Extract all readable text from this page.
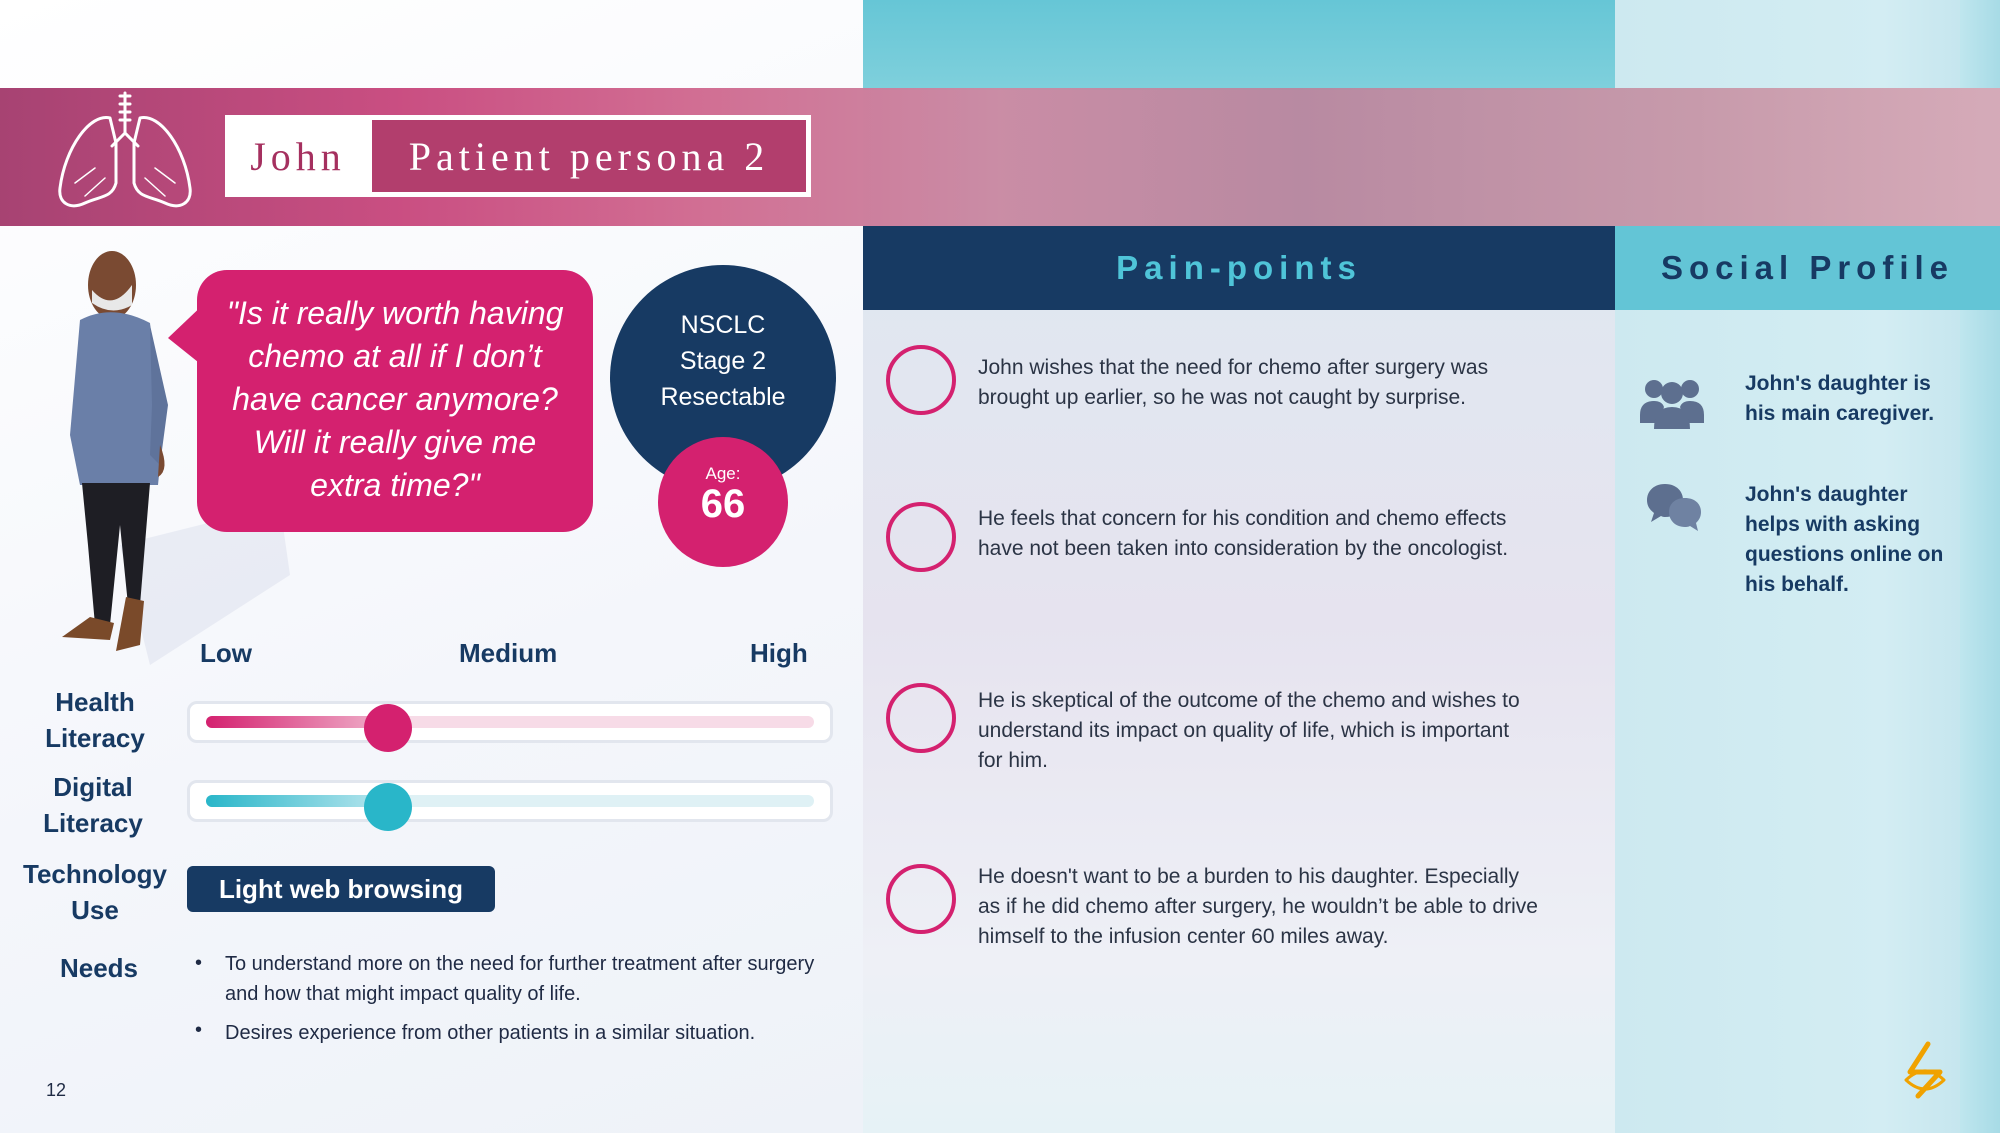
John	Patient persona 2
"Is it really worth having chemo at all if I don’t have cancer anymore? Will it really give me extra time?"
NSCLC
Stage 2
Resectable
Age:
66
Low	Medium	High
Health
Literacy
Digital
Literacy
Technology
Use
Light web browsing
Needs	• To understand more on the need for further treatment after surgery and how that might impact quality of life.
• Desires experience from other patients in a similar situation.
Pain-points
John wishes that the need for chemo after surgery was brought up earlier, so he was not caught by surprise.
He feels that concern for his condition and chemo effects have not been taken into consideration by the oncologist.
He is skeptical of the outcome of the chemo and wishes to understand its impact on quality of life, which is important for him.
He doesn't want to be a burden to his daughter. Especially as if he did chemo after surgery, he wouldn’t be able to drive himself to the infusion center 60 miles away.
Social Profile
John's daughter is his main caregiver.
John's daughter helps with asking questions online on his behalf.
12
